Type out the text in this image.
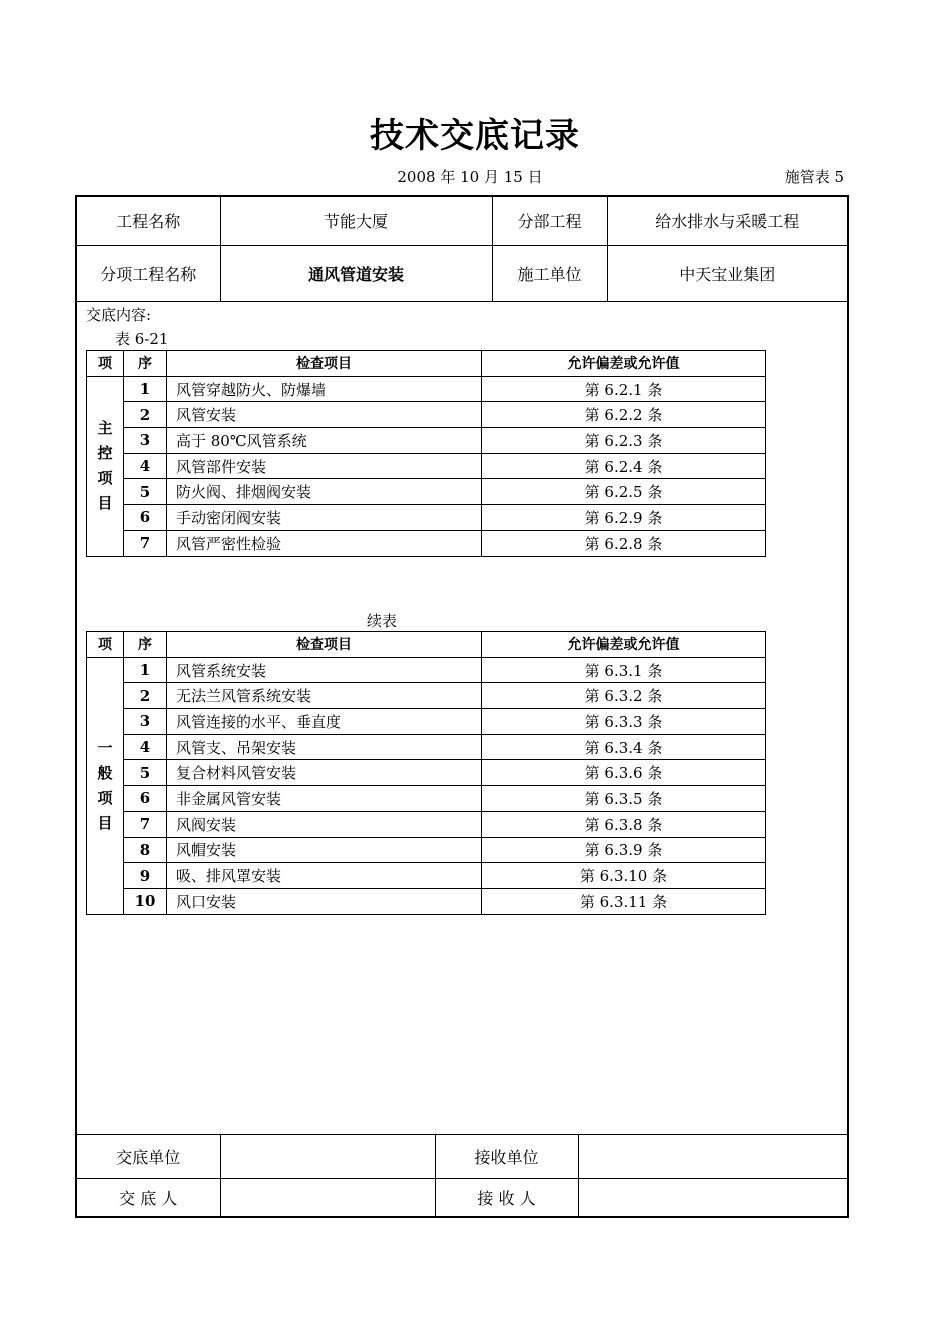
技术交底记录
2008 年 10 月 15 日	施管表 5
工程名称	节能大厦	分部工程	给水排水与采暖工程
分项工程名称	通风管道安装	施工单位	中天宝业集团
交底内容:
表 6-21
项	序	检查项目	允许偏差或允许值

主
控
项
目	1	风管穿越防火、防爆墙	第 6.2.1 条
	2	风管安装	第 6.2.2 条
	3	高于 80℃风管系统	第 6.2.3 条
	4	风管部件安装	第 6.2.4 条
	5	防火阀、排烟阀安装	第 6.2.5 条
	6	手动密闭阀安装	第 6.2.9 条
	7	风管严密性检验	第 6.2.8 条
续表
项	序	检查项目	允许偏差或允许值

一
般
项
目	1	风管系统安装	第 6.3.1 条
	2	无法兰风管系统安装	第 6.3.2 条
	3	风管连接的水平、垂直度	第 6.3.3 条
	4	风管支、吊架安装	第 6.3.4 条
	5	复合材料风管安装	第 6.3.6 条
	6	非金属风管安装	第 6.3.5 条
	7	风阀安装	第 6.3.8 条
	8	风帽安装	第 6.3.9 条
	9	吸、排风罩安装	第 6.3.10 条
	10	风口安装	第 6.3.11 条
交底单位		接收单位	
交 底 人		接 收 人	
